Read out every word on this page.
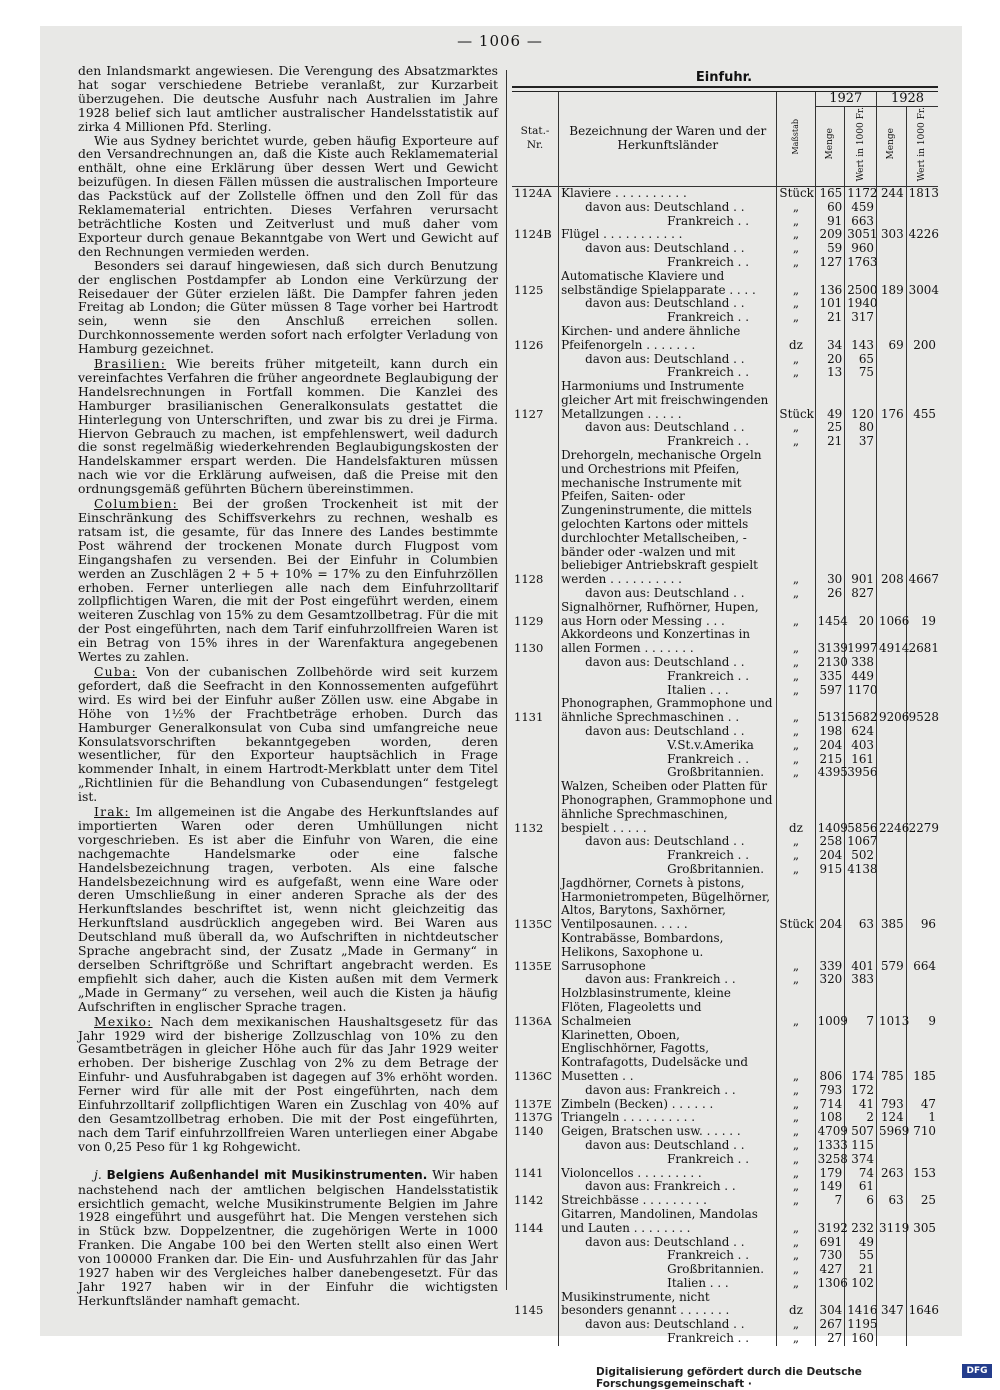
— 1006 —

den Inlandsmarkt angewiesen. Die Verengung des Absatzmarktes hat sogar verschiedene Betriebe veranlaßt, zur Kurzarbeit überzugehen. Die deutsche Ausfuhr nach Australien im Jahre 1928 belief sich laut amtlicher australischer Handelsstatistik auf zirka 4 Millionen Pfd. Sterling.

Wie aus Sydney berichtet wurde, geben häufig Exporteure auf den Versandrechnungen an, daß die Kiste auch Reklamematerial enthält, ohne eine Erklärung über dessen Wert und Gewicht beizufügen. In diesen Fällen müssen die australischen Importeure das Packstück auf der Zollstelle öffnen und den Zoll für das Reklamematerial entrichten. Dieses Verfahren verursacht beträchtliche Kosten und Zeitverlust und muß daher vom Exporteur durch genaue Bekanntgabe von Wert und Gewicht auf den Rechnungen vermieden werden.

Besonders sei darauf hingewiesen, daß sich durch Benutzung der englischen Postdampfer ab London eine Verkürzung der Reisedauer der Güter erzielen läßt. Die Dampfer fahren jeden Freitag ab London; die Güter müssen 8 Tage vorher bei Hartrodt sein, wenn sie den Anschluß erreichen sollen. Durchkonnossemente werden sofort nach erfolgter Verladung von Hamburg gezeichnet.

Brasilien: Wie bereits früher mitgeteilt, kann durch ein vereinfachtes Verfahren die früher angeordnete Beglaubigung der Handelsrechnungen in Fortfall kommen. Die Kanzlei des Hamburger brasilianischen Generalkonsulats gestattet die Hinterlegung von Unterschriften, und zwar bis zu drei je Firma. Hiervon Gebrauch zu machen, ist empfehlenswert, weil dadurch die sonst regelmäßig wiederkehrenden Beglaubigungskosten der Handelskammer erspart werden. Die Handelsfakturen müssen nach wie vor die Erklärung aufweisen, daß die Preise mit den ordnungsgemäß geführten Büchern übereinstimmen.

Columbien: Bei der großen Trockenheit ist mit der Einschränkung des Schiffsverkehrs zu rechnen, weshalb es ratsam ist, die gesamte, für das Innere des Landes bestimmte Post während der trockenen Monate durch Flugpost vom Eingangshafen zu versenden. Bei der Einfuhr in Columbien werden an Zuschlägen 2 + 5 + 10% = 17% zu den Einfuhrzöllen erhoben. Ferner unterliegen alle nach dem Einfuhrzolltarif zollpflichtigen Waren, die mit der Post eingeführt werden, einem weiteren Zuschlag von 15% zu dem Gesamtzollbetrag. Für die mit der Post eingeführten, nach dem Tarif einfuhrzollfreien Waren ist ein Betrag von 15% ihres in der Warenfaktura angegebenen Wertes zu zahlen.

Cuba: Von der cubanischen Zollbehörde wird seit kurzem gefordert, daß die Seefracht in den Konnossementen aufgeführt wird. Es wird bei der Einfuhr außer Zöllen usw. eine Abgabe in Höhe von 1½% der Frachtbeträge erhoben. Durch das Hamburger Generalkonsulat von Cuba sind umfangreiche neue Konsulatsvorschriften bekanntgegeben worden, deren wesentlicher, für den Exporteur hauptsächlich in Frage kommender Inhalt, in einem Hartrodt-Merkblatt unter dem Titel „Richtlinien für die Behandlung von Cubasendungen“ festgelegt ist.

Irak: Im allgemeinen ist die Angabe des Herkunftslandes auf importierten Waren oder deren Umhüllungen nicht vorgeschrieben. Es ist aber die Einfuhr von Waren, die eine nachgemachte Handelsmarke oder eine falsche Handelsbezeichnung tragen, verboten. Als eine falsche Handelsbezeichnung wird es aufgefaßt, wenn eine Ware oder deren Umschließung in einer anderen Sprache als der des Herkunftslandes beschriftet ist, wenn nicht gleichzeitig das Herkunftsland ausdrücklich angegeben wird. Bei Waren aus Deutschland muß überall da, wo Aufschriften in nichtdeutscher Sprache angebracht sind, der Zusatz „Made in Germany“ in derselben Schriftgröße und Schriftart angebracht werden. Es empfiehlt sich daher, auch die Kisten außen mit dem Vermerk „Made in Germany“ zu versehen, weil auch die Kisten ja häufig Aufschriften in englischer Sprache tragen.

Mexiko: Nach dem mexikanischen Haushaltsgesetz für das Jahr 1929 wird der bisherige Zollzuschlag von 10% zu den Gesamtbeträgen in gleicher Höhe auch für das Jahr 1929 weiter erhoben. Der bisherige Zuschlag von 2% zu dem Betrage der Einfuhr- und Ausfuhrabgaben ist dagegen auf 3% erhöht worden. Ferner wird für alle mit der Post eingeführten, nach dem Einfuhrzolltarif zollpflichtigen Waren ein Zuschlag von 40% auf den Gesamtzollbetrag erhoben. Die mit der Post eingeführten, nach dem Tarif einfuhrzollfreien Waren unterliegen einer Abgabe von 0,25 Peso für 1 kg Rohgewicht.

j. Belgiens Außenhandel mit Musikinstrumenten. Wir haben nachstehend nach der amtlichen belgischen Handelsstatistik ersichtlich gemacht, welche Musikinstrumente Belgien im Jahre 1928 eingeführt und ausgeführt hat. Die Mengen verstehen sich in Stück bzw. Doppelzentner, die zugehörigen Werte in 1000 Franken. Die Angabe 100 bei den Werten stellt also einen Wert von 100000 Franken dar. Die Ein- und Ausfuhrzahlen für das Jahr 1927 haben wir des Vergleiches halber danebengesetzt. Für das Jahr 1927 haben wir in der Einfuhr die wichtigsten Herkunftsländer namhaft gemacht.

Einfuhr.
Stat.- Nr.	Bezeichnung der Waren und der Herkunftsländer	Maßstab	1927		1928	
			Menge	Wert in 1000 Fr.	Menge	Wert in 1000 Fr.
1124A	Klaviere . . . . . . . . . .	Stück	165	1172	244	1813
	davon aus: Deutschland . .	„	60	459		
	Frankreich . .	„	91	663		

1124B	Flügel . . . . . . . . . . .	„	209	3051	303	4226
	davon aus: Deutschland . .	„	59	960		
	Frankreich . .	„	127	1763		

1125	Automatische Klaviere und selbständige Spielapparate . . . .	„	136	2500	189	3004
	davon aus: Deutschland . .	„	101	1940		
	Frankreich . .	„	21	317		

1126	Kirchen- und andere ähnliche Pfeifenorgeln . . . . . . .	dz	34	143	69	200
	davon aus: Deutschland . .	„	20	65		
	Frankreich . .	„	13	75		

1127	Harmoniums und Instrumente gleicher Art mit freischwingenden Metallzungen . . . . .	Stück	49	120	176	455
	davon aus: Deutschland . .	„	25	80		
	Frankreich . .	„	21	37		

1128	Drehorgeln, mechanische Orgeln und Orchestrions mit Pfeifen, mechanische Instrumente mit Pfeifen, Saiten- oder Zungeninstrumente, die mittels gelochten Kartons oder mittels durchlochter Metallscheiben, -bänder oder -walzen und mit beliebiger Antriebskraft gespielt werden . . . . . . . . . .	„	30	901	208	4667
	davon aus: Deutschland . .	„	26	827		

1129	Signalhörner, Rufhörner, Hupen, aus Horn oder Messing . . .	„	1454	20	1066	19

1130	Akkordeons und Konzertinas in allen Formen . . . . . . .	„	3139	1997	4914	2681
	davon aus: Deutschland . .	„	2130	338		
	Frankreich . .	„	335	449		
	Italien . . .	„	597	1170		

1131	Phonographen, Grammophone und ähnliche Sprechmaschinen . .	„	5131	5682	9206	9528
	davon aus: Deutschland . .	„	198	624		
	V.St.v.Amerika	„	204	403		
	Frankreich . .	„	215	161		
	Großbritannien.	„	4395	3956		

1132	Walzen, Scheiben oder Platten für Phonographen, Grammophone und ähnliche Sprechmaschinen, bespielt . . . . .	dz	1409	5856	2246	2279
	davon aus: Deutschland . .	„	258	1067		
	Frankreich . .	„	204	502		
	Großbritannien.	„	915	4138		

1135C	Jagdhörner, Cornets à pistons, Harmonietrompeten, Bügelhörner, Altos, Barytons, Saxhörner, Ventilposaunen. . . . .	Stück	204	63	385	96

1135E	Kontrabässe, Bombardons, Helikons, Saxophone u. Sarrusophone	„	339	401	579	664
	davon aus: Frankreich . .	„	320	383		

1136A	Holzblasinstrumente, kleine Flöten, Flageoletts und Schalmeien	„	1009	7	1013	9

1136C	Klarinetten, Oboen, Englischhörner, Fagotts, Kontrafagotts, Dudelsäcke und Musetten . .	„	806	174	785	185
	davon aus: Frankreich . .	„	793	172		

1137E	Zimbeln (Becken) . . . . . .	„	714	41	793	47

1137G	Triangeln . . . . . . . . . .	„	108	2	124	1

1140	Geigen, Bratschen usw. . . . . .	„	4709	507	5969	710
	davon aus: Deutschland . .	„	1333	115		
	Frankreich . .	„	3258	374		

1141	Violoncellos . . . . . . . . .	„	179	74	263	153
	davon aus: Frankreich . .	„	149	61		

1142	Streichbässe . . . . . . . . .	„	7	6	63	25

1144	Gitarren, Mandolinen, Mandolas und Lauten . . . . . . . .	„	3192	232	3119	305
	davon aus: Deutschland . .	„	691	49		
	Frankreich . .	„	730	55		
	Großbritannien.	„	427	21		
	Italien . . .	„	1306	102		

1145	Musikinstrumente, nicht besonders genannt . . . . . . .	dz	304	1416	347	1646
	davon aus: Deutschland . .	„	267	1195		
	Frankreich . .	„	27	160		
Digitalisierung gefördert durch die Deutsche Forschungsgemeinschaft ·
DFG
